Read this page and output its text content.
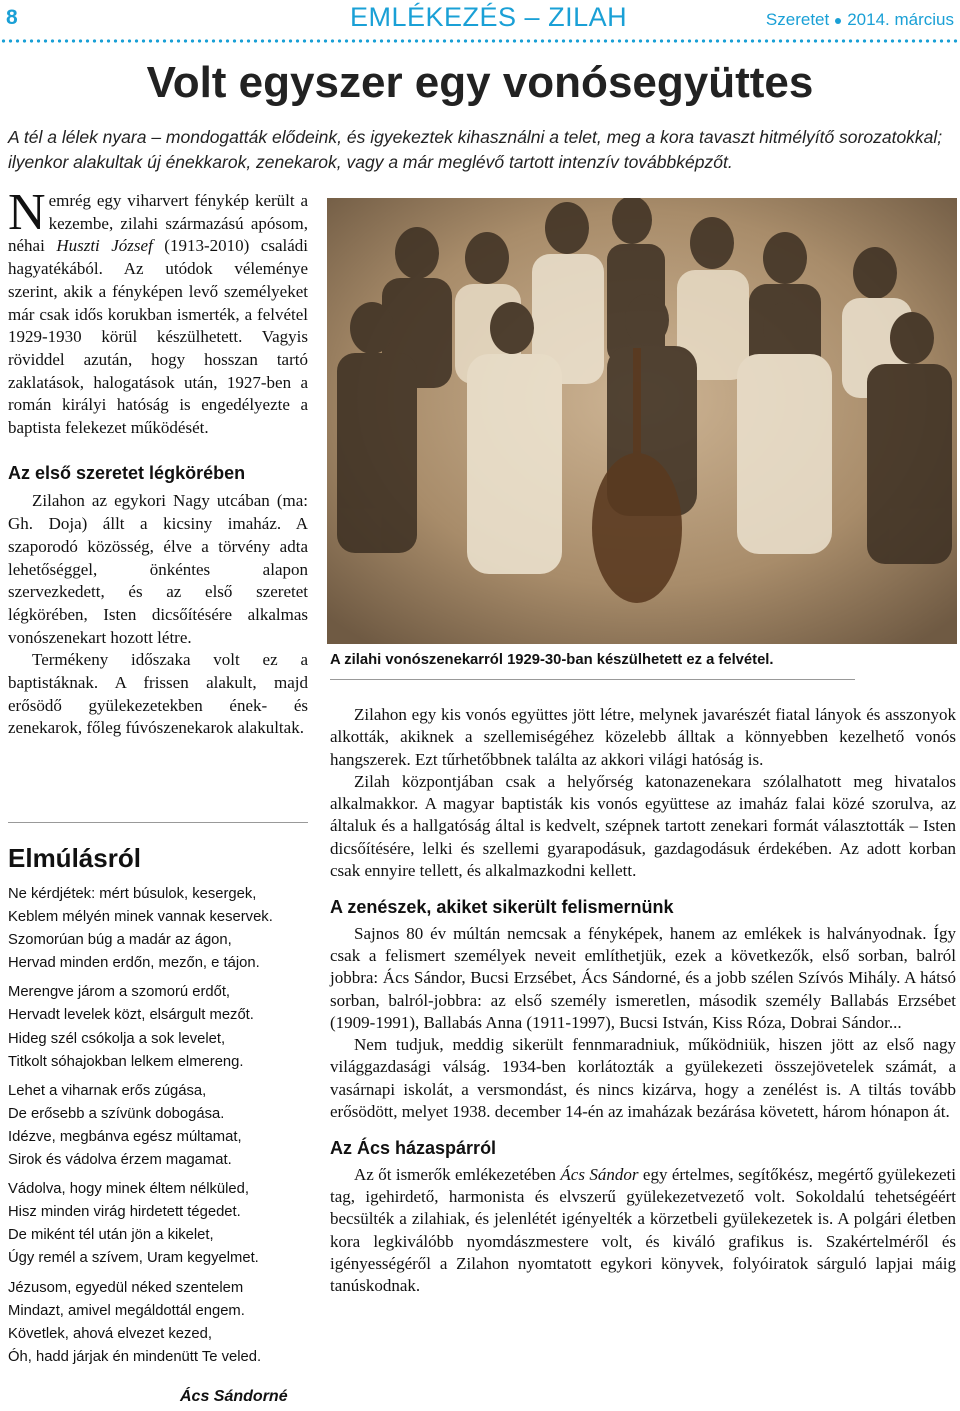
8	EMLÉKEZÉS – ZILAH	Szeretet 2014. március
Volt egyszer egy vonósegyüttes
A tél a lélek nyara – mondogatták elődeink, és igyekeztek kihasználni a telet, meg a kora tavaszt hitmélyítő sorozatokkal; ilyenkor alakultak új énekkarok, zenekarok, vagy a már meglévő tartott intenzív továbbképzőt.

Nemrég egy viharvert fénykép került a kezembe, zilahi származású apósom, néhai Huszti József (1913-2010) családi hagyatékából. Az utódok véleménye szerint, akik a fényképen levő személyeket már csak idős korukban ismerték, a felvétel 1929-1930 körül készülhetett. Vagyis röviddel azután, hogy hosszan tartó zaklatások, halogatások után, 1927-ben a román királyi hatóság is engedélyezte a baptista felekezet működését.

Az első szeretet légkörében

Zilahon az egykori Nagy utcában (ma: Gh. Doja) állt a kicsiny imaház. A szaporodó közösség, élve a törvény adta lehetőséggel, önkéntes alapon szervezkedett, és az első szeretet légkörében, Isten dicsőítésére alkalmas vonószenekart hozott létre.

Termékeny időszaka volt ez a baptistáknak. A frissen alakult, majd erősödő gyülekezetekben ének- és zenekarok, főleg fúvószenekarok alakultak.

Elmúlásról
Ne kérdjétek: mért búsulok, kesergek,
Keblem mélyén minek vannak keservek.
Szomorúan búg a madár az ágon,
Hervad minden erdőn, mezőn, e tájon.
Merengve járom a szomorú erdőt,
Hervadt levelek közt, elsárgult mezőt.
Hideg szél csókolja a sok levelet,
Titkolt sóhajokban lelkem elmereng.
Lehet a viharnak erős zúgása,
De erősebb a szívünk dobogása.
Idézve, megbánva egész múltamat,
Sirok és vádolva érzem magamat.
Vádolva, hogy minek éltem nélküled,
Hisz minden virág hirdetett tégedet.
De miként tél után jön a kikelet,
Úgy remél a szívem, Uram kegyelmet.
Jézusom, egyedül néked szentelem
Mindazt, amivel megáldottál engem.
Követlek, ahová elvezet kezed,
Óh, hadd járjak én mindenütt Te veled.
Ács Sándorné
A zilahi vonószenekarról 1929-30-ban készülhetett ez a felvétel.

Zilahon egy kis vonós együttes jött létre, melynek javarészét fiatal lányok és asszonyok alkották, akiknek a szellemiségéhez közelebb álltak a könnyebben kezelhető vonós hangszerek. Ezt tűrhetőbbnek találta az akkori világi hatóság is.

Zilah központjában csak a helyőrség katonazenekara szólalhatott meg hivatalos alkalmakkor. A magyar baptisták kis vonós együttese az imaház falai közé szorulva, az általuk és a hallgatóság által is kedvelt, szépnek tartott zenekari formát választották – Isten dicsőítésére, lelki és szellemi gyarapodásuk, gazdagodásuk érdekében. Az adott korban csak ennyire tellett, és alkalmazkodni kellett.

A zenészek, akiket sikerült felismernünk

Sajnos 80 év múltán nemcsak a fényképek, hanem az emlékek is halványodnak. Így csak a felismert személyek neveit említhetjük, ezek a következők, első sorban, balról jobbra: Ács Sándor, Bucsi Erzsébet, Ács Sándorné, és a jobb szélen Szívós Mihály. A hátsó sorban, balról-jobbra: az első személy ismeretlen, második személy Ballabás Erzsébet (1909-1991), Ballabás Anna (1911-1997), Bucsi István, Kiss Róza, Dobrai Sándor...

Nem tudjuk, meddig sikerült fennmaradniuk, működniük, hiszen jött az első nagy világgazdasági válság. 1934-ben korlátozták a gyülekezeti összejövetelek számát, a vasárnapi iskolát, a versmondást, és nincs kizárva, hogy a zenélést is. A tiltás tovább erősödött, melyet 1938. december 14-én az imaházak bezárása követett, három hónapon át.

Az Ács házaspárról

Az őt ismerők emlékezetében Ács Sándor egy értelmes, segítőkész, megértő gyülekezeti tag, igehirdető, harmonista és elvszerű gyülekezetvezető volt. Sokoldalú tehetségéért becsülték a zilahiak, és jelenlétét igényelték a körzetbeli gyülekezetek is. A polgári életben kora legkiválóbb nyomdászmestere volt, és kiváló grafikus is. Szakértelméről és igényességéről a Zilahon nyomtatott egykori könyvek, folyóiratok sárguló lapjai máig tanúskodnak.
